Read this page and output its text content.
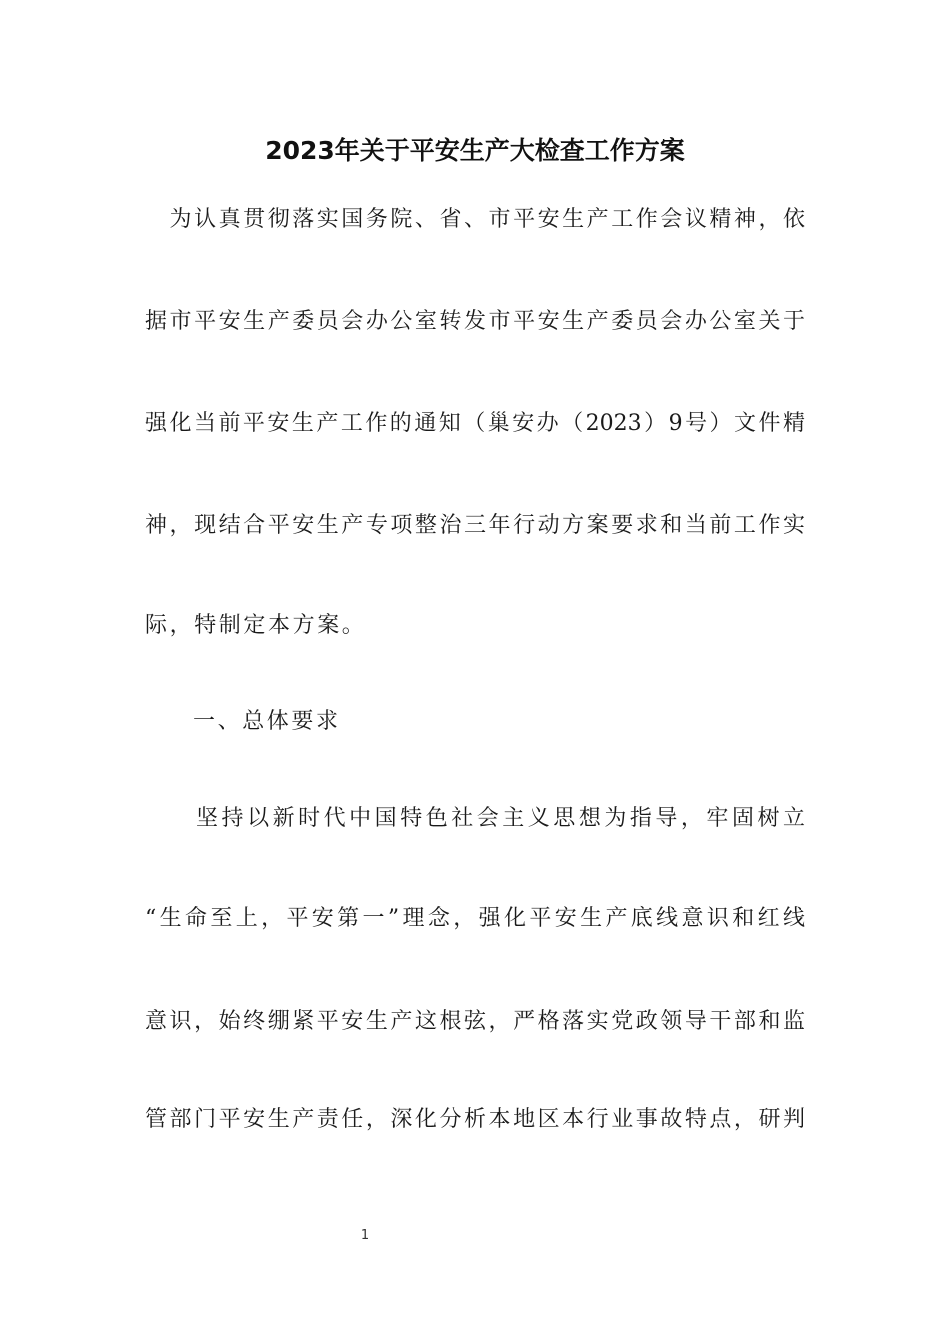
2023年关于平安生产大检查工作方案
　为认真贯彻落实国务院、省、市平安生产工作会议精神，依
据市平安生产委员会办公室转发市平安生产委员会办公室关于
强化当前平安生产工作的通知（巢安办（2023）9号）文件精
神，现结合平安生产专项整治三年行动方案要求和当前工作实
际，特制定本方案。
一、总体要求
　　坚持以新时代中国特色社会主义思想为指导，牢固树立
“生命至上，平安第一”理念，强化平安生产底线意识和红线
意识，始终绷紧平安生产这根弦，严格落实党政领导干部和监
管部门平安生产责任，深化分析本地区本行业事故特点，研判
1
